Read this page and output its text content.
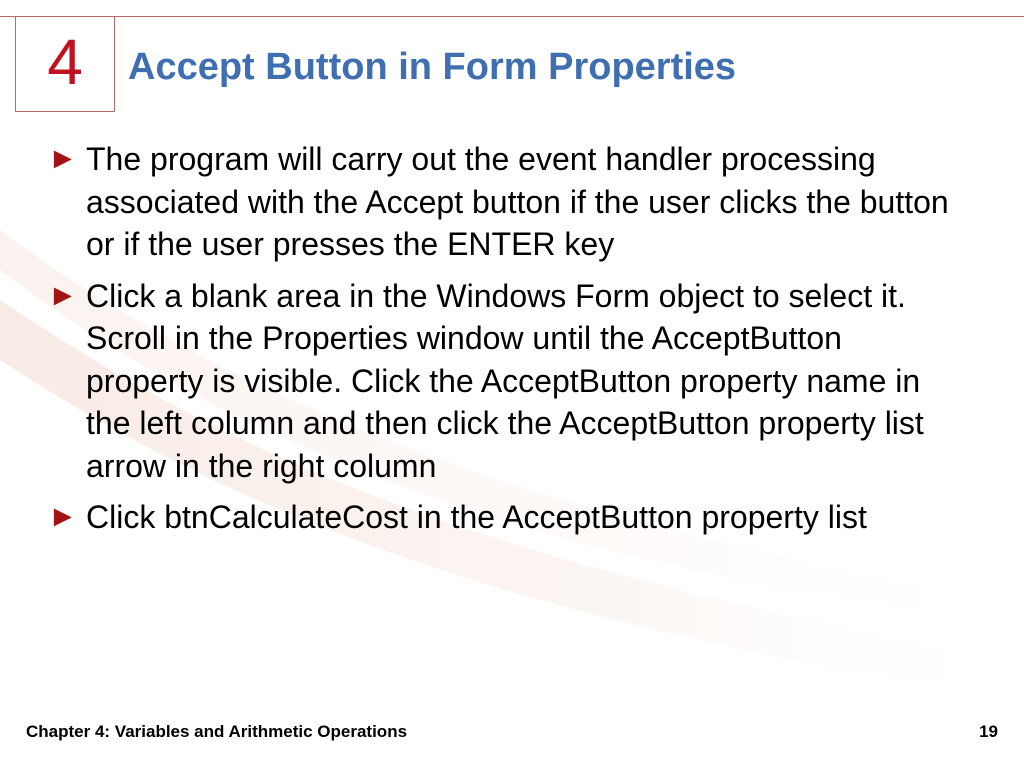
4 Accept Button in Form Properties
► The program will carry out the event handler processing associated with the Accept button if the user clicks the button or if the user presses the ENTER key
► Click a blank area in the Windows Form object to select it. Scroll in the Properties window until the AcceptButton property is visible. Click the AcceptButton property name in the left column and then click the AcceptButton property list arrow in the right column
► Click btnCalculateCost in the AcceptButton property list
Chapter 4: Variables and Arithmetic Operations	19
